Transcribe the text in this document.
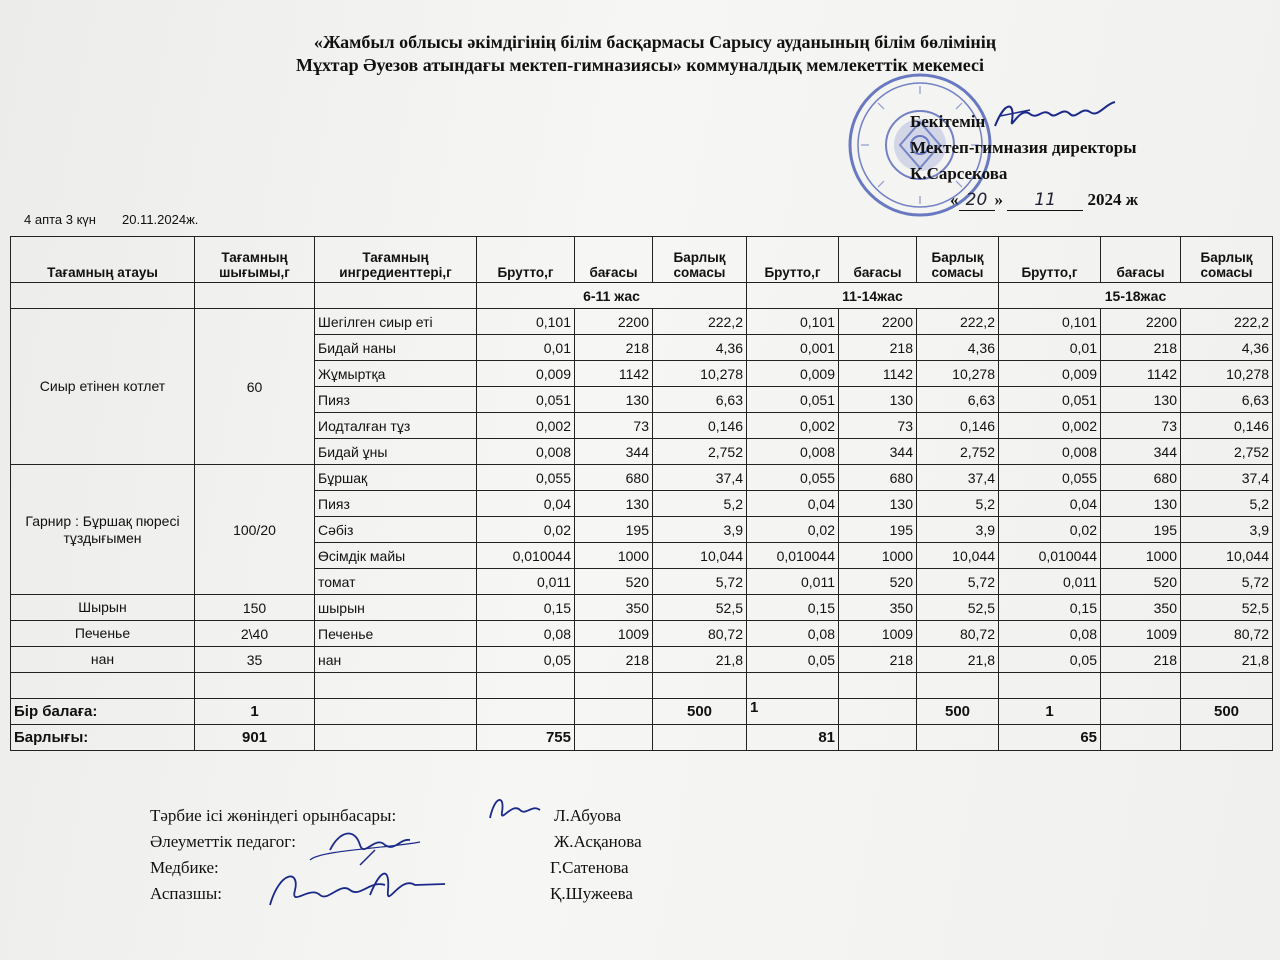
«Жамбыл облысы әкімдігінің білім басқармасы Сарысу ауданының білім бөлімінің
Мұхтар Әуезов атындағы мектеп-гимназиясы» коммуналдық мемлекеттік мекемесі
Бекітемін
Мектеп-гимназия директоры
К.Сарсекова
« 20 » 11 2024 ж
4 апта 3 күн 20.11.2024ж.
Тағамның атауы	Тағамның шығымы,г	Тағамның ингредиенттері,г	Брутто,г	бағасы	Барлық сомасы	Брутто,г	бағасы	Барлық сомасы	Брутто,г	бағасы	Барлық сомасы
			6-11 жас			11-14жас			15-18жас		
Сиыр етінен котлет	60	Шегілген сиыр еті	0,101	2200	222,2	0,101	2200	222,2	0,101	2200	222,2
		Бидай наны	0,01	218	4,36	0,001	218	4,36	0,01	218	4,36
		Жұмыртқа	0,009	1142	10,278	0,009	1142	10,278	0,009	1142	10,278
		Пияз	0,051	130	6,63	0,051	130	6,63	0,051	130	6,63
		Иодталған тұз	0,002	73	0,146	0,002	73	0,146	0,002	73	0,146
		Бидай ұны	0,008	344	2,752	0,008	344	2,752	0,008	344	2,752
Гарнир : Бұршақ пюресі тұздығымен	100/20	Бұршақ	0,055	680	37,4	0,055	680	37,4	0,055	680	37,4
		Пияз	0,04	130	5,2	0,04	130	5,2	0,04	130	5,2
		Сәбіз	0,02	195	3,9	0,02	195	3,9	0,02	195	3,9
		Өсімдік майы	0,010044	1000	10,044	0,010044	1000	10,044	0,010044	1000	10,044
		томат	0,011	520	5,72	0,011	520	5,72	0,011	520	5,72
Шырын	150	шырын	0,15	350	52,5	0,15	350	52,5	0,15	350	52,5
Печенье	2\40	Печенье	0,08	1009	80,72	0,08	1009	80,72	0,08	1009	80,72
нан	35	нан	0,05	218	21,8	0,05	218	21,8	0,05	218	21,8

Бір балаға:	1				500	1		500	1		500
Барлығы:	901		755			81			65		
Тәрбие ісі жөніндегі орынбасары:	Л.Абуова
Әлеуметтік педагог:	Ж.Асқанова
Медбике:	Г.Сатенова
Аспазшы:	Қ.Шужеева
